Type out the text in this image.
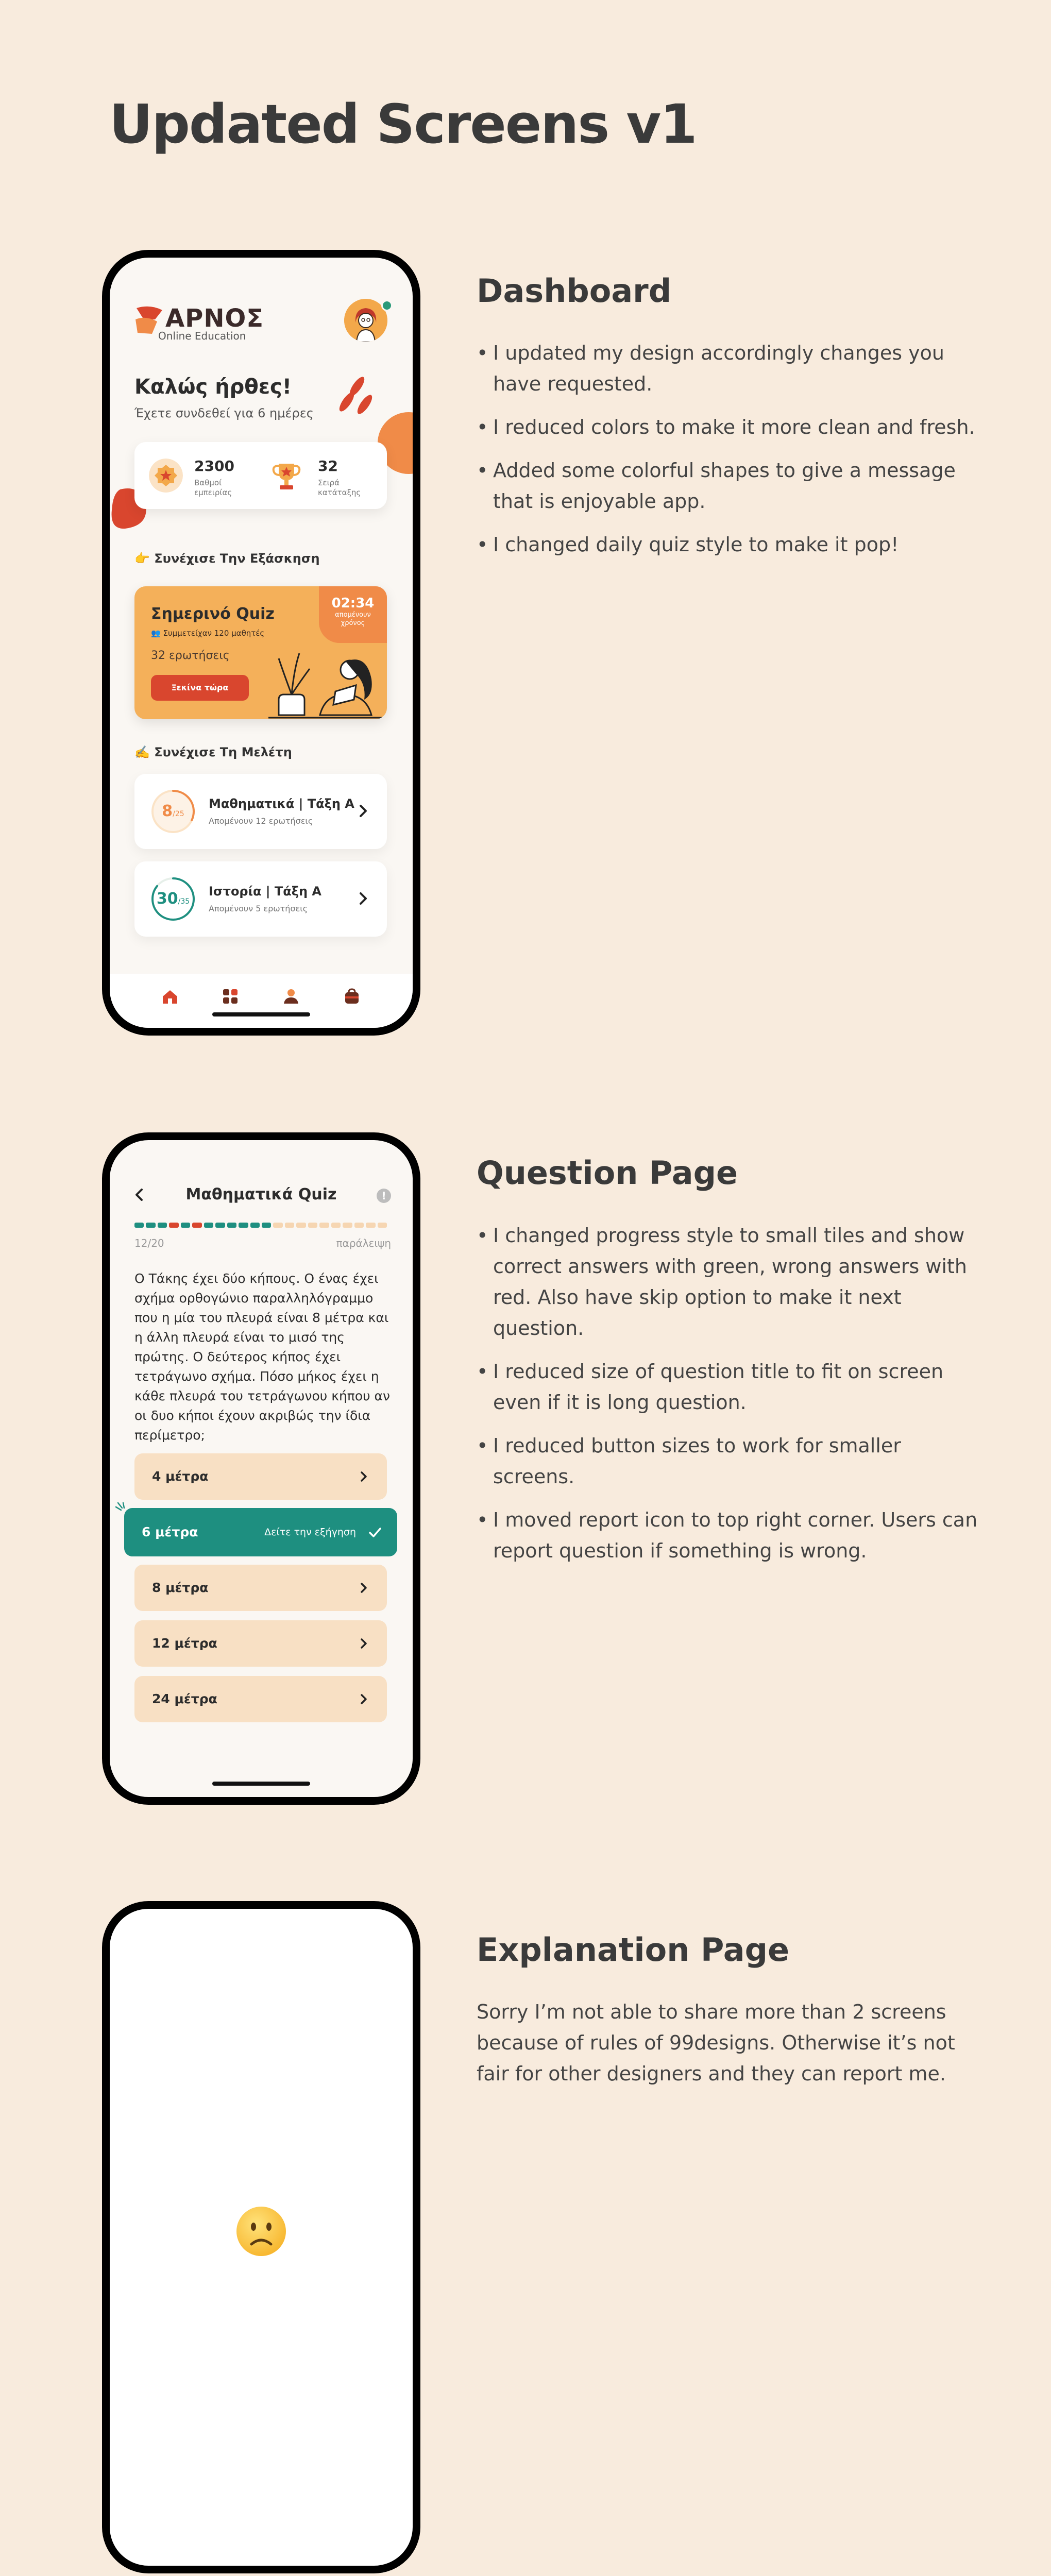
Updated Screens v1
ΑΡΝΟΣ
Online Education
Καλώς ήρθες!

Έχετε συνδεθεί για 6 ημέρες

2300
Βαθμοί εμπειρίας
32
Σειρά κατάταξης

👉 Συνέχισε Την Εξάσκηση

Σημερινό Quiz
👥 Συμμετείχαν 120 μαθητές
32 ερωτήσεις
Ξεκίνα τώρα
02:34
απομένουν χρόνος

✍️ Συνέχισε Τη Μελέτη

8/25
Μαθηματικά | Τάξη Α
Απομένουν 12 ερωτήσεις
30/35
Ιστορία | Τάξη Α
Απομένουν 5 ερωτήσεις
Dashboard
• I updated my design accordingly changes you have requested.
• I reduced colors to make it more clean and fresh.
• Added some colorful shapes to give a message that is enjoyable app.
• I changed daily quiz style to make it pop!
Μαθηματικά Quiz	!
12/20	παράλειψη

Ο Τάκης έχει δύο κήπους. Ο ένας έχει σχήμα ορθογώνιο παραλληλόγραμμο που η μία του πλευρά είναι 8 μέτρα και η άλλη πλευρά είναι το μισό της πρώτης. Ο δεύτερος κήπος έχει τετράγωνο σχήμα. Πόσο μήκος έχει η κάθε πλευρά του τετράγωνου κήπου αν οι δυο κήποι έχουν ακριβώς την ίδια περίμετρο;

4 μέτρα
6 μέτρα	Δείτε την εξήγηση
8 μέτρα
12 μέτρα
24 μέτρα
Question Page
• I changed progress style to small tiles and show correct answers with green, wrong answers with red. Also have skip option to make it next question.
• I reduced size of question title to fit on screen even if it is long question.
• I reduced button sizes to work for smaller screens.
• I moved report icon to top right corner. Users can report question if something is wrong.
Explanation Page

Sorry I’m not able to share more than 2 screens because of rules of 99designs. Otherwise it’s not fair for other designers and they can report me.
